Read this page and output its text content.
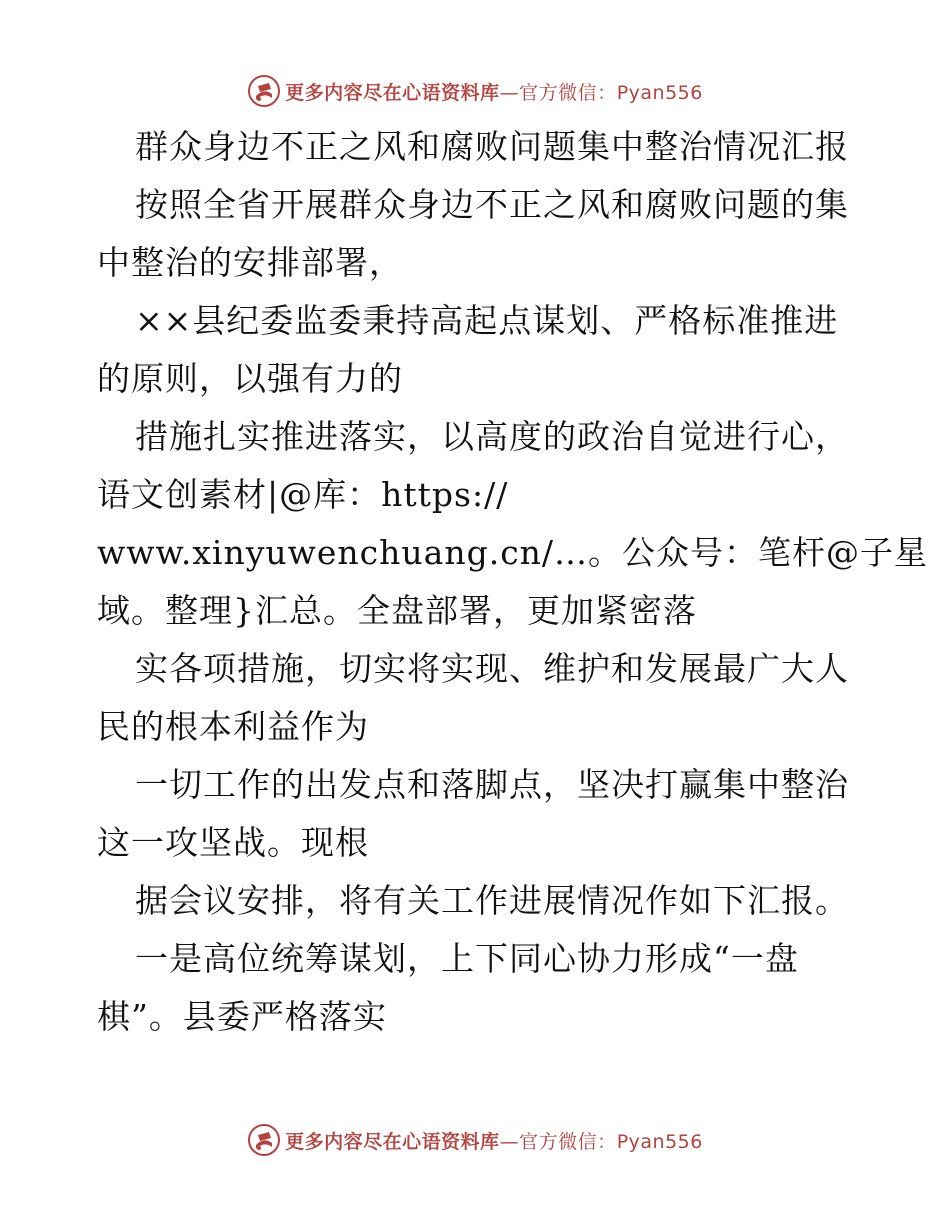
更多内容尽在心语资料库—官方微信：Pyan556
群众身边不正之风和腐败问题集中整治情况汇报
按照全省开展群众身边不正之风和腐败问题的集
中整治的安排部署，
××县纪委监委秉持高起点谋划、严格标准推进
的原则，以强有力的
措施扎实推进落实，以高度的政治自觉进行心，
语文创素材|@库：https://
www.xinyuwenchuang.cn/…。公众号：笔杆@子星
域。整理}汇总。全盘部署，更加紧密落
实各项措施，切实将实现、维护和发展最广大人
民的根本利益作为
一切工作的出发点和落脚点，坚决打赢集中整治
这一攻坚战。现根
据会议安排，将有关工作进展情况作如下汇报。
一是高位统筹谋划，上下同心协力形成“一盘
棋”。县委严格落实
更多内容尽在心语资料库—官方微信：Pyan556
